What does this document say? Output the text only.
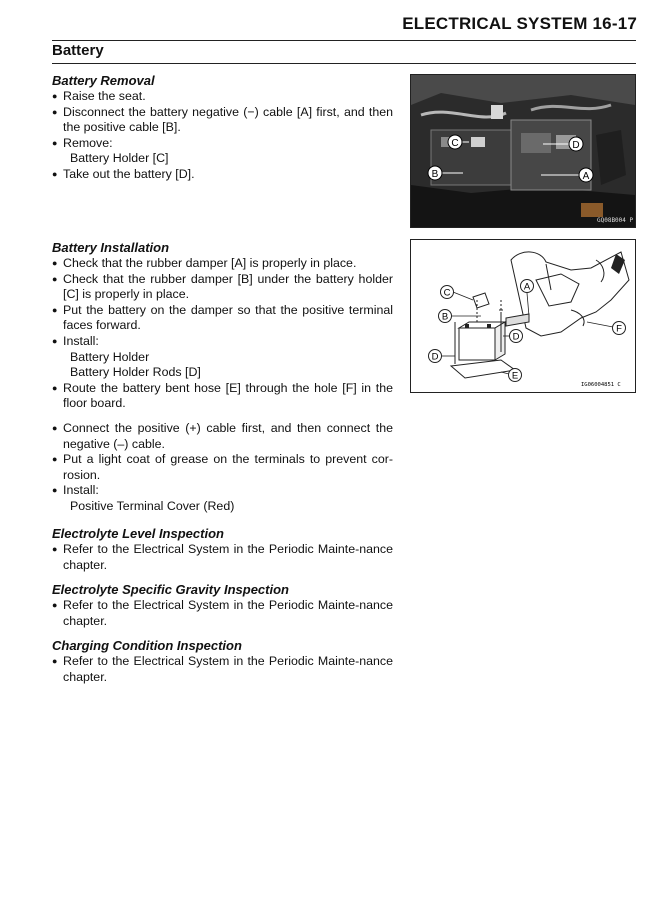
ELECTRICAL SYSTEM 16-17
Battery
Battery Removal
● Raise the seat.
● Disconnect the battery negative (−) cable [A] first, and then the positive cable [B].
● Remove:
Battery Holder [C]
● Take out the battery [D].
Battery Installation
● Check that the rubber damper [A] is properly in place.
● Check that the rubber damper [B] under the battery holder [C] is properly in place.
● Put the battery on the damper so that the positive terminal faces forward.
● Install:
Battery Holder
Battery Holder Rods [D]
● Route the battery bent hose [E] through the hole [F] in the floor board.
● Connect the positive (+) cable first, and then connect the negative (–) cable.
● Put a light coat of grease on the terminals to prevent cor-rosion.
● Install:
Positive Terminal Cover (Red)
Electrolyte Level Inspection
● Refer to the Electrical System in the Periodic Mainte-nance chapter.
Electrolyte Specific Gravity Inspection
● Refer to the Electrical System in the Periodic Mainte-nance chapter.
Charging Condition Inspection
● Refer to the Electrical System in the Periodic Mainte-nance chapter.
C
B
D
A
GQ08B004 P
C
B
A
D
D
E
F
IG06004851 C
